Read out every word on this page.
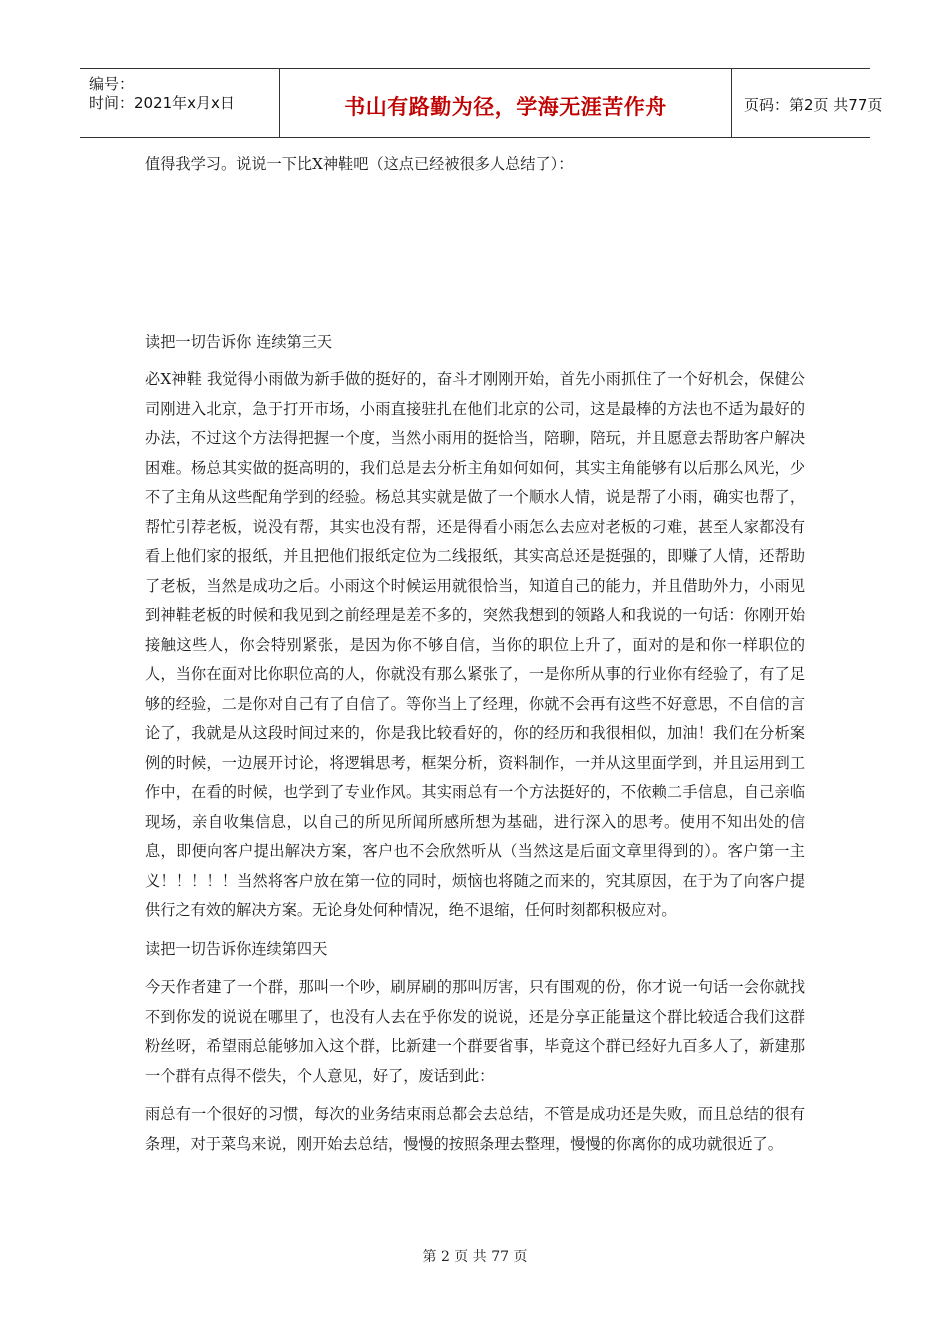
编号：
时间：2021年x月x日	书山有路勤为径，学海无涯苦作舟	页码：第2页 共77页

值得我学习。说说一下比X神鞋吧（这点已经被很多人总结了）：

读把一切告诉你 连续第三天

必X神鞋 我觉得小雨做为新手做的挺好的，奋斗才刚刚开始，首先小雨抓住了一个好机会，保健公司刚进入北京，急于打开市场，小雨直接驻扎在他们北京的公司，这是最棒的方法也不适为最好的办法，不过这个方法得把握一个度，当然小雨用的挺恰当，陪聊，陪玩，并且愿意去帮助客户解决困难。杨总其实做的挺高明的，我们总是去分析主角如何如何，其实主角能够有以后那么风光，少不了主角从这些配角学到的经验。杨总其实就是做了一个顺水人情，说是帮了小雨，确实也帮了，帮忙引荐老板，说没有帮，其实也没有帮，还是得看小雨怎么去应对老板的刁难，甚至人家都没有看上他们家的报纸，并且把他们报纸定位为二线报纸，其实高总还是挺强的，即赚了人情，还帮助了老板，当然是成功之后。小雨这个时候运用就很恰当，知道自己的能力，并且借助外力，小雨见到神鞋老板的时候和我见到之前经理是差不多的，突然我想到的领路人和我说的一句话：你刚开始接触这些人，你会特别紧张，是因为你不够自信，当你的职位上升了，面对的是和你一样职位的人，当你在面对比你职位高的人，你就没有那么紧张了，一是你所从事的行业你有经验了，有了足够的经验，二是你对自己有了自信了。等你当上了经理，你就不会再有这些不好意思，不自信的言论了，我就是从这段时间过来的，你是我比较看好的，你的经历和我很相似，加油！我们在分析案例的时候，一边展开讨论，将逻辑思考，框架分析，资料制作，一并从这里面学到，并且运用到工作中，在看的时候，也学到了专业作风。其实雨总有一个方法挺好的，不依赖二手信息，自己亲临现场，亲自收集信息，以自己的所见所闻所感所想为基础，进行深入的思考。使用不知出处的信息，即便向客户提出解决方案，客户也不会欣然听从（当然这是后面文章里得到的）。客户第一主义！！！！！当然将客户放在第一位的同时，烦恼也将随之而来的，究其原因，在于为了向客户提供行之有效的解决方案。无论身处何种情况，绝不退缩，任何时刻都积极应对。

读把一切告诉你连续第四天

今天作者建了一个群，那叫一个吵，刷屏刷的那叫厉害，只有围观的份，你才说一句话一会你就找不到你发的说说在哪里了，也没有人去在乎你发的说说，还是分享正能量这个群比较适合我们这群粉丝呀，希望雨总能够加入这个群，比新建一个群要省事，毕竟这个群已经好九百多人了，新建那一个群有点得不偿失，个人意见，好了，废话到此：

雨总有一个很好的习惯，每次的业务结束雨总都会去总结，不管是成功还是失败，而且总结的很有条理，对于菜鸟来说，刚开始去总结，慢慢的按照条理去整理，慢慢的你离你的成功就很近了。

第 2 页 共 77 页
